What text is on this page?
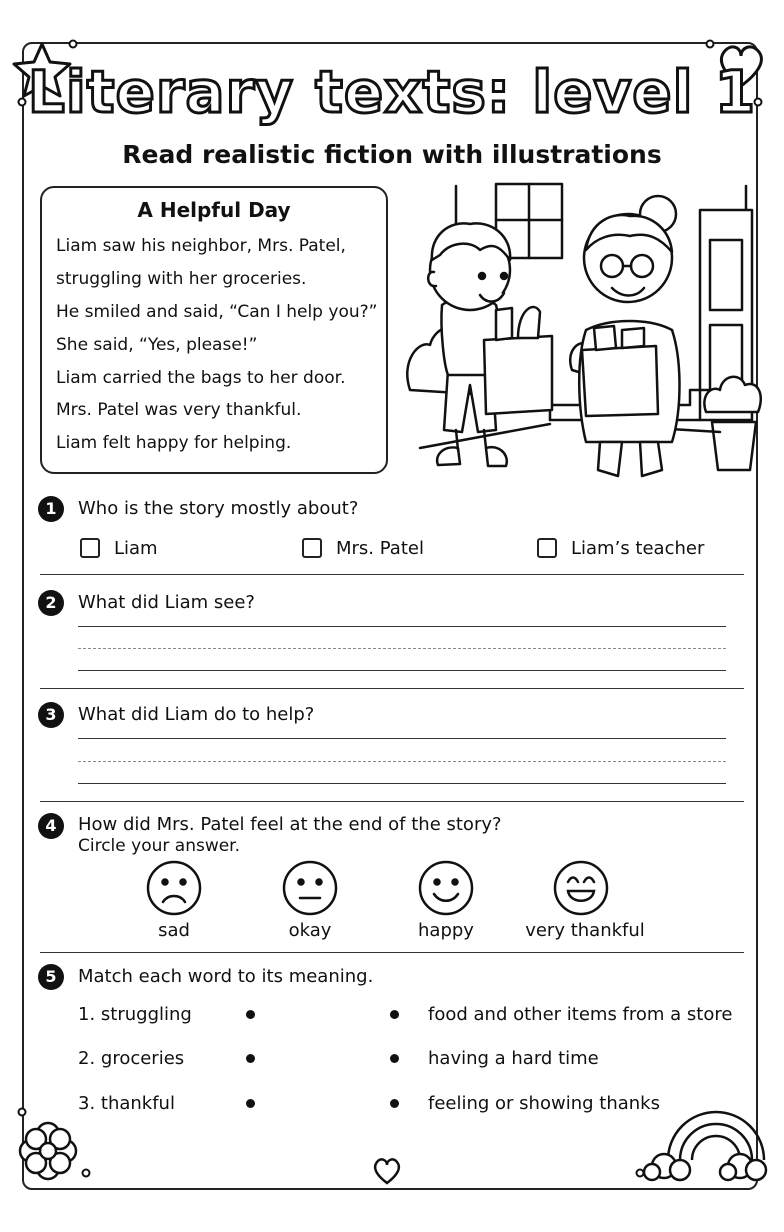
Literary texts: level 1
Read realistic fiction with illustrations
A Helpful Day
Liam saw his neighbor, Mrs. Patel,
struggling with her groceries.
He smiled and said, “Can I help you?”
She said, “Yes, please!”
Liam carried the bags to her door.
Mrs. Patel was very thankful.
Liam felt happy for helping.
1	Who is the story mostly about?
Liam	Mrs. Patel	Liam’s teacher
2	What did Liam see?
3	What did Liam do to help?
4	How did Mrs. Patel feel at the end of the story?
Circle your answer.
sad	okay	happy	very thankful
5	Match each word to its meaning.
1. struggling	food and other items from a store
2. groceries	having a hard time
3. thankful	feeling or showing thanks
